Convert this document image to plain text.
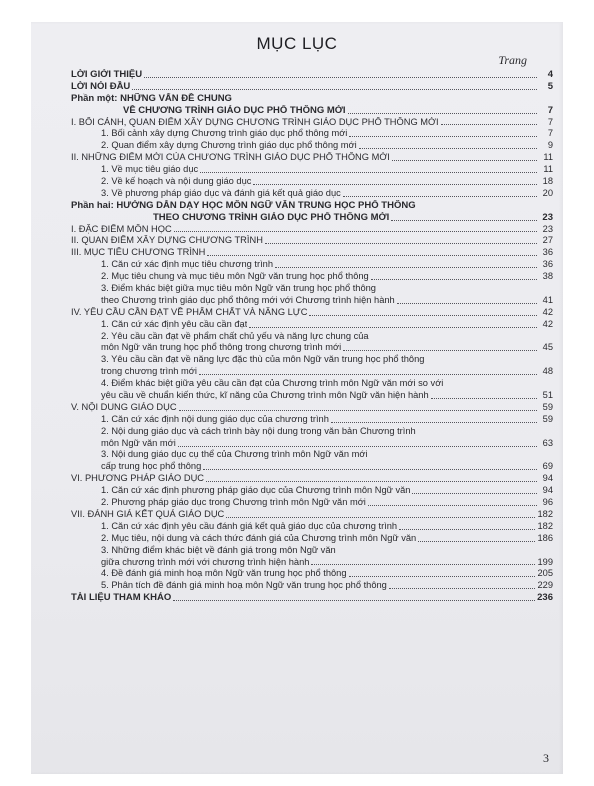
MỤC LỤC
Trang
LỜI GIỚI THIỆU	4
LỜI NÓI ĐẦU	5
Phần một: NHỮNG VẤN ĐỀ CHUNG
VỀ CHƯƠNG TRÌNH GIÁO DỤC PHỔ THÔNG MỚI	7
I. BỐI CẢNH, QUAN ĐIỂM XÂY DỰNG CHƯƠNG TRÌNH GIÁO DỤC PHỔ THÔNG MỚI	7
1. Bối cảnh xây dựng Chương trình giáo dục phổ thông mới	7
2. Quan điểm xây dựng Chương trình giáo dục phổ thông mới	9
II. NHỮNG ĐIỂM MỚI CỦA CHƯƠNG TRÌNH GIÁO DỤC PHỔ THÔNG MỚI	11
1. Về mục tiêu giáo dục	11
2. Về kế hoạch và nội dung giáo dục	18
3. Về phương pháp giáo dục và đánh giá kết quả giáo dục	20
Phần hai: HƯỚNG DẪN DẠY HỌC MÔN NGỮ VĂN TRUNG HỌC PHỔ THÔNG
THEO CHƯƠNG TRÌNH GIÁO DỤC PHỔ THÔNG MỚI	23
I. ĐẶC ĐIỂM MÔN HỌC	23
II. QUAN ĐIỂM XÂY DỰNG CHƯƠNG TRÌNH	27
III. MỤC TIÊU CHƯƠNG TRÌNH	36
1. Căn cứ xác định mục tiêu chương trình	36
2. Mục tiêu chung và mục tiêu môn Ngữ văn trung học phổ thông	38
3. Điểm khác biệt giữa mục tiêu môn Ngữ văn trung học phổ thông
theo Chương trình giáo dục phổ thông mới với Chương trình hiện hành	41
IV. YÊU CẦU CẦN ĐẠT VỀ PHẨM CHẤT VÀ NĂNG LỰC	42
1. Căn cứ xác định yêu cầu cần đạt	42
2. Yêu cầu cần đạt về phẩm chất chủ yếu và năng lực chung của
môn Ngữ văn trung học phổ thông trong chương trình mới	45
3. Yêu cầu cần đạt về năng lực đặc thù của môn Ngữ văn trung học phổ thông
trong chương trình mới	48
4. Điểm khác biệt giữa yêu cầu cần đạt của Chương trình môn Ngữ văn mới so với
yêu cầu về chuẩn kiến thức, kĩ năng của Chương trình môn Ngữ văn hiện hành	51
V. NỘI DUNG GIÁO DỤC	59
1. Căn cứ xác định nội dung giáo dục của chương trình	59
2. Nội dung giáo dục và cách trình bày nội dung trong văn bản Chương trình
môn Ngữ văn mới	63
3. Nội dung giáo dục cụ thể của Chương trình môn Ngữ văn mới
cấp trung học phổ thông	69
VI. PHƯƠNG PHÁP GIÁO DỤC	94
1. Căn cứ xác định phương pháp giáo dục của Chương trình môn Ngữ văn	94
2. Phương pháp giáo dục trong Chương trình môn Ngữ văn mới	96
VII. ĐÁNH GIÁ KẾT QUẢ GIÁO DỤC	182
1. Căn cứ xác định yêu cầu đánh giá kết quả giáo dục của chương trình	182
2. Mục tiêu, nội dung và cách thức đánh giá của Chương trình môn Ngữ văn	186
3. Những điểm khác biệt về đánh giá trong môn Ngữ văn
giữa chương trình mới với chương trình hiện hành	199
4. Đề đánh giá minh hoạ môn Ngữ văn trung học phổ thông	205
5. Phân tích đề đánh giá minh hoạ môn Ngữ văn trung học phổ thông	229
TÀI LIỆU THAM KHẢO	236
3
